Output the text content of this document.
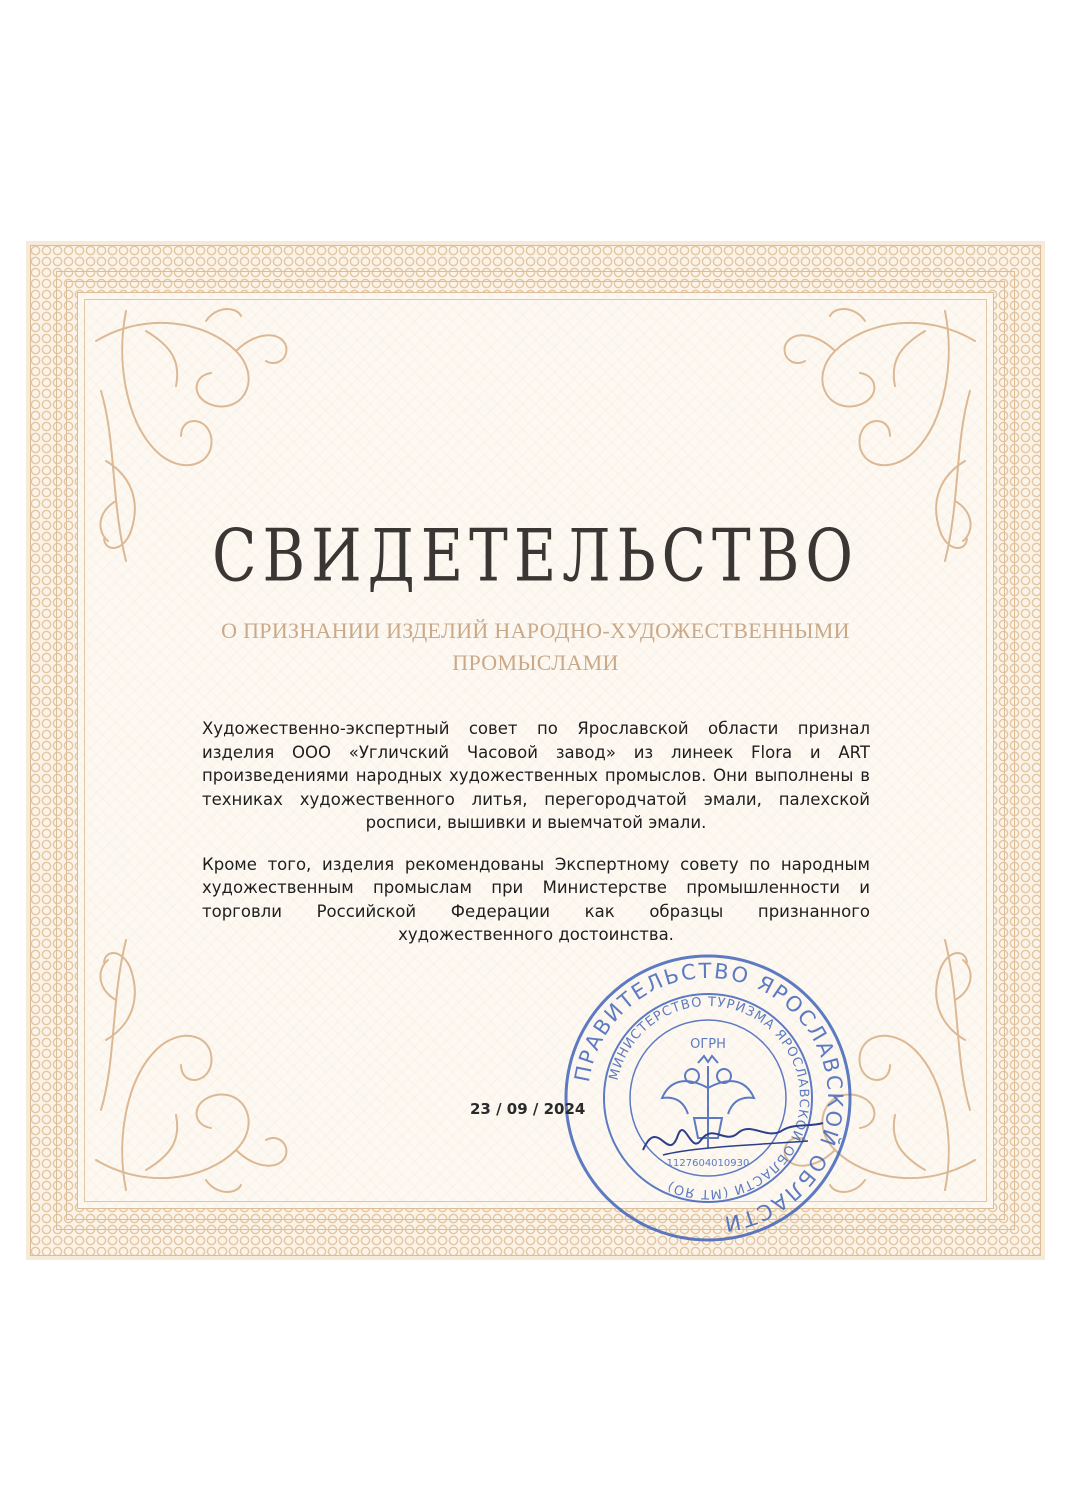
СВИДЕТЕЛЬСТВО
О ПРИЗНАНИИ ИЗДЕЛИЙ НАРОДНО-ХУДОЖЕСТВЕННЫМИ ПРОМЫСЛАМИ

Художественно-экспертный совет по Ярославской области признал изделия ООО «Угличский Часовой завод» из линеек Flora и ART произведениями народных художественных промыслов. Они выполнены в техниках художественного литья, перегородчатой эмали, палехской росписи, вышивки и выемчатой эмали.

Кроме того, изделия рекомендованы Экспертному совету по народным художественным промыслам при Министерстве промышленности и торговли Российской Федерации как образцы признанного художественного достоинства.

ПРАВИТЕЛЬСТВО ЯРОСЛАВСКОЙ ОБЛАСТИ
МИНИСТЕРСТВО ТУРИЗМА ЯРОСЛАВСКОЙ ОБЛАСТИ (МТ ЯО)
ОГРН
1127604010930
23 / 09 / 2024
